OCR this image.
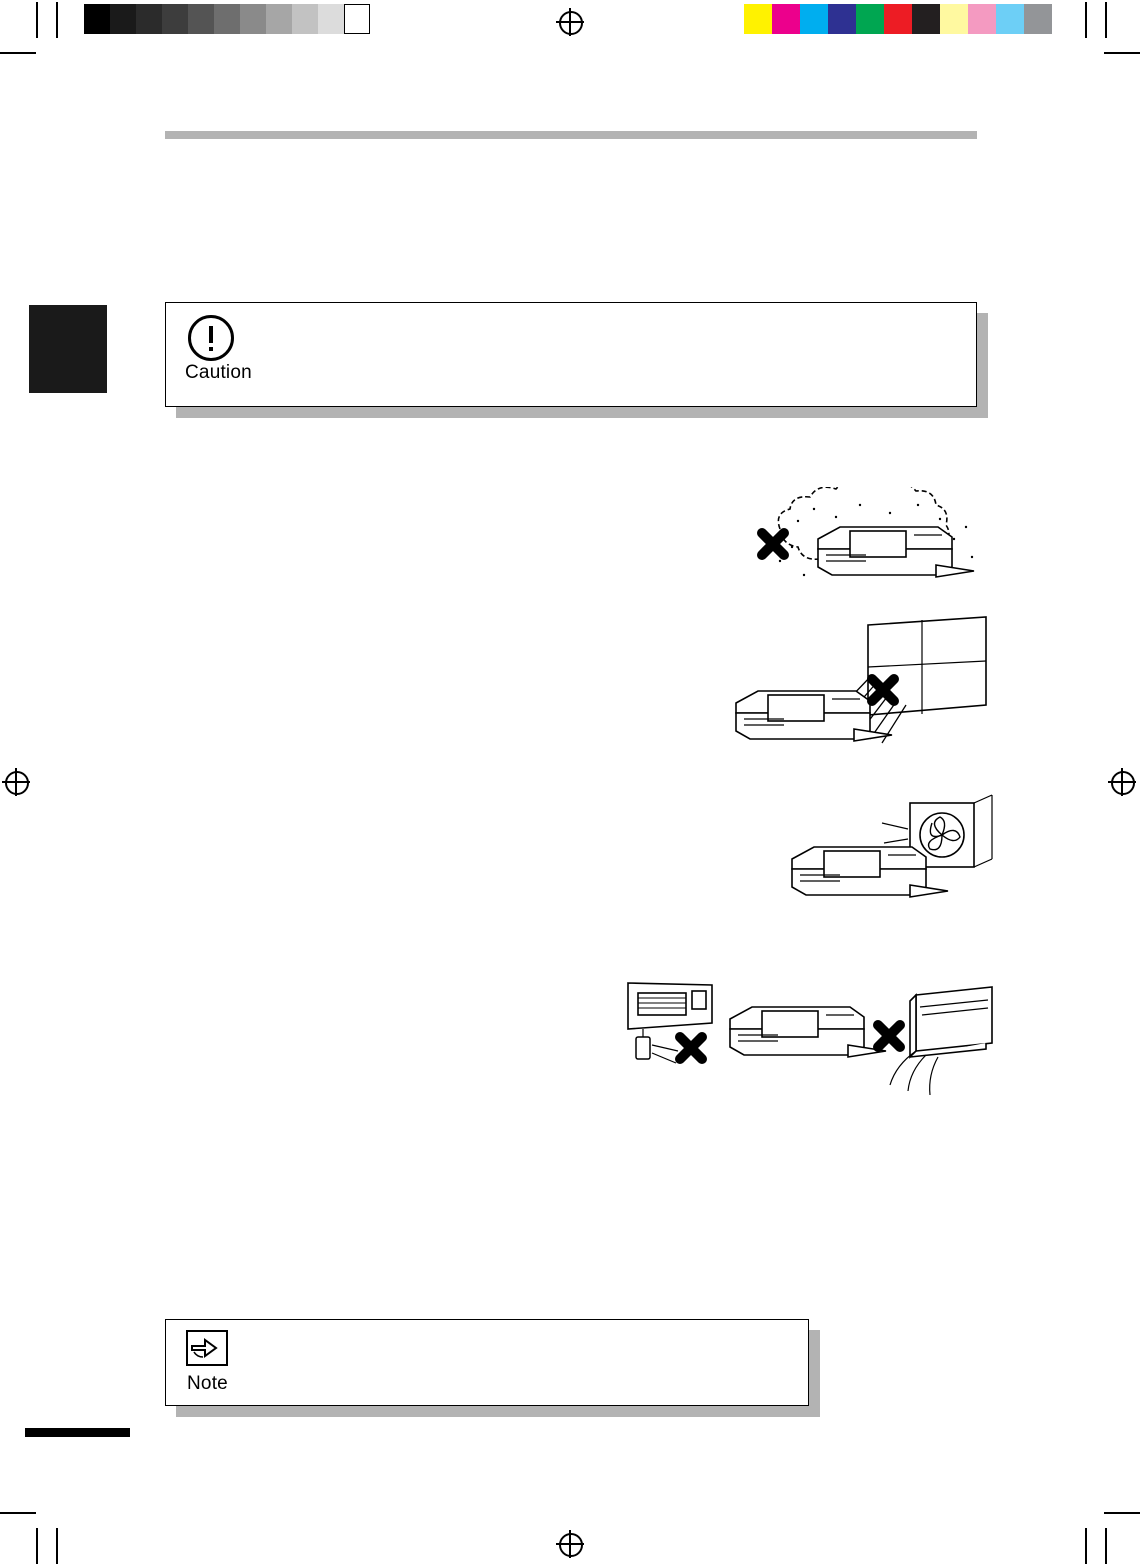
Caution
Note
